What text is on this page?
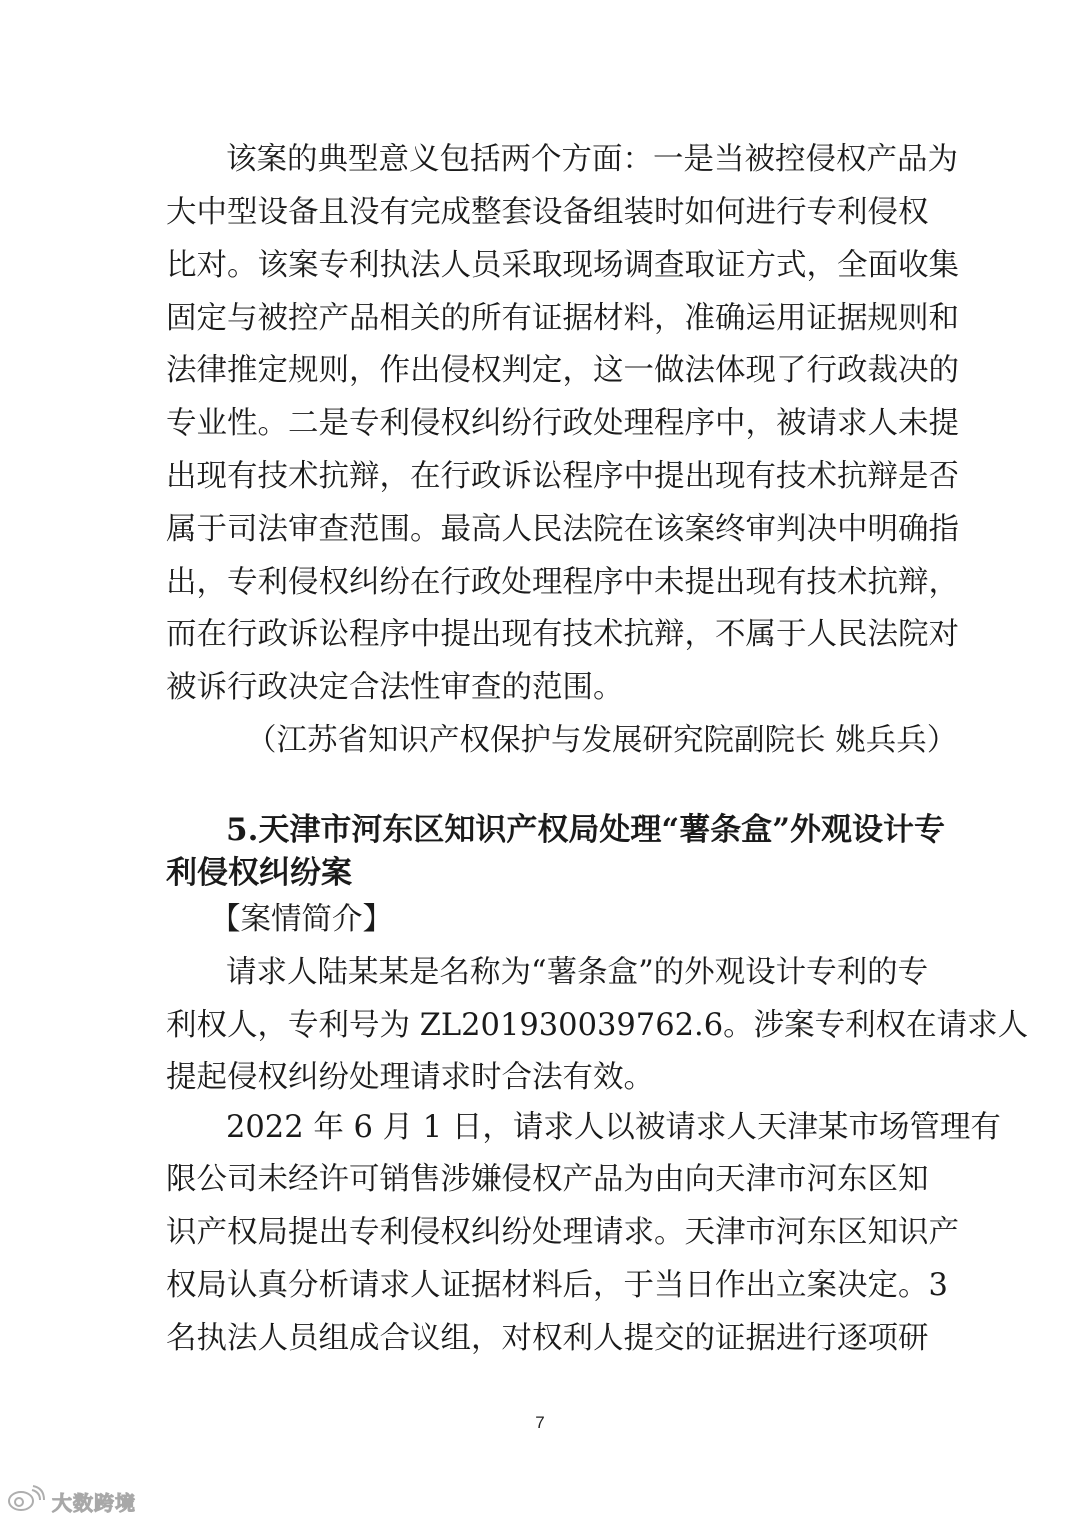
该案的典型意义包括两个方面：一是当被控侵权产品为
大中型设备且没有完成整套设备组装时如何进行专利侵权
比对。该案专利执法人员采取现场调查取证方式，全面收集
固定与被控产品相关的所有证据材料，准确运用证据规则和
法律推定规则，作出侵权判定，这一做法体现了行政裁决的
专业性。二是专利侵权纠纷行政处理程序中，被请求人未提
出现有技术抗辩，在行政诉讼程序中提出现有技术抗辩是否
属于司法审查范围。最高人民法院在该案终审判决中明确指
出，专利侵权纠纷在行政处理程序中未提出现有技术抗辩，
而在行政诉讼程序中提出现有技术抗辩，不属于人民法院对
被诉行政决定合法性审查的范围。
（江苏省知识产权保护与发展研究院副院长 姚兵兵）
5.天津市河东区知识产权局处理“薯条盒”外观设计专
利侵权纠纷案
【案情简介】
请求人陆某某是名称为“薯条盒”的外观设计专利的专
利权人，专利号为 ZL201930039762.6。涉案专利权在请求人
提起侵权纠纷处理请求时合法有效。
2022 年 6 月 1 日，请求人以被请求人天津某市场管理有
限公司未经许可销售涉嫌侵权产品为由向天津市河东区知
识产权局提出专利侵权纠纷处理请求。天津市河东区知识产
权局认真分析请求人证据材料后，于当日作出立案决定。3
名执法人员组成合议组，对权利人提交的证据进行逐项研
7
大数跨境
